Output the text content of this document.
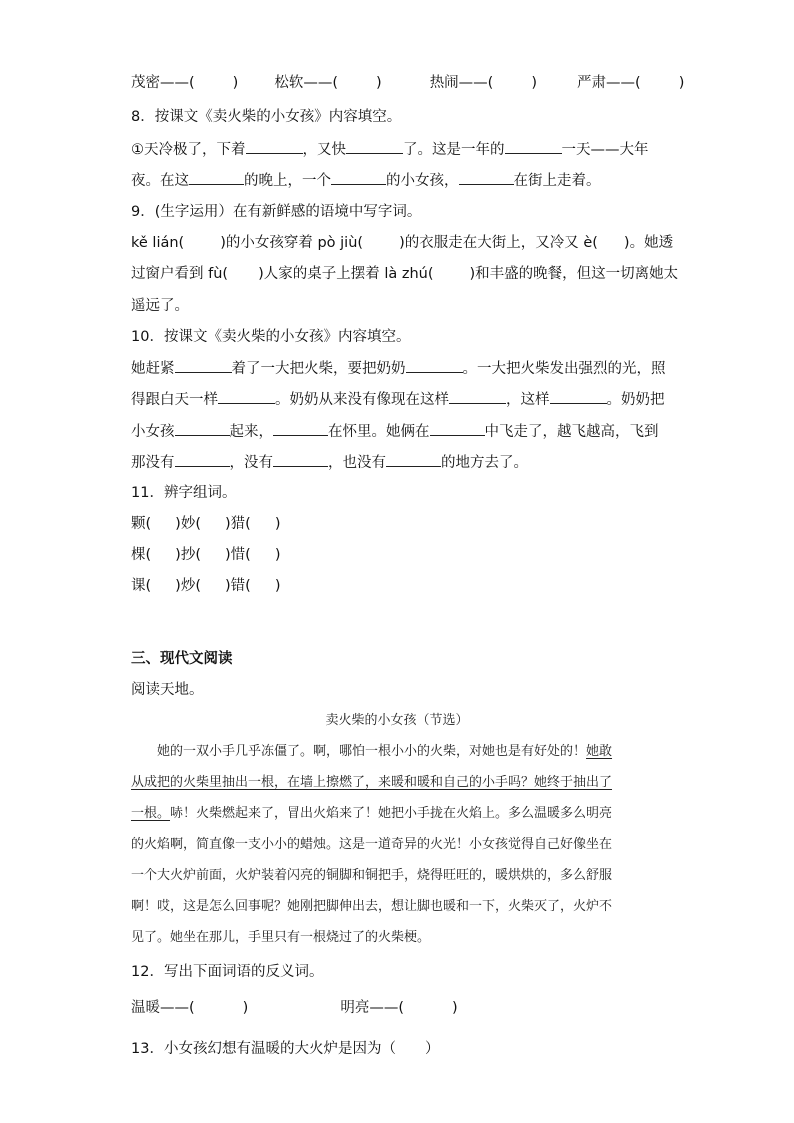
茂密——(	) 松软——(	)	热闹——(	)	严肃——(	)
8．按课文《卖火柴的小女孩》内容填空。
①天冷极了，下着	，又快	了。这是一年的	一天——大年
夜。在这	的晚上，一个	的小女孩，	在街上走着。
9．(生字运用）在有新鲜感的语境中写字词。
kě lián( )的小女孩穿着 pò jiù( )的衣服走在大街上，又冷又 è( )。她透
过窗户看到 fù( )人家的桌子上摆着 là zhú( )和丰盛的晚餐，但这一切离她太
遥远了。
10．按课文《卖火柴的小女孩》内容填空。
她赶紧	着了一大把火柴，要把奶奶	。一大把火柴发出强烈的光，照
得跟白天一样	。奶奶从来没有像现在这样	，这样	。奶奶把
小女孩	起来，	在怀里。她俩在	中飞走了，越飞越高，飞到
那没有	，没有	，也没有	的地方去了。
11．辨字组词。
颗( )妙( )猎( )
棵( )抄( )惜( )
课( )炒( )错( )
三、现代文阅读
阅读天地。
卖火柴的小女孩（节选）
她的一双小手几乎冻僵了。啊，哪怕一根小小的火柴，对她也是有好处的！她敢
从成把的火柴里抽出一根，在墙上擦燃了，来暖和暖和自己的小手吗？她终于抽出了
一根。哧！火柴燃起来了，冒出火焰来了！她把小手拢在火焰上。多么温暖多么明亮
的火焰啊，简直像一支小小的蜡烛。这是一道奇异的火光！小女孩觉得自己好像坐在
一个大火炉前面，火炉装着闪亮的铜脚和铜把手，烧得旺旺的，暖烘烘的，多么舒服
啊！哎，这是怎么回事呢？她刚把脚伸出去，想让脚也暖和一下，火柴灭了，火炉不
见了。她坐在那儿，手里只有一根烧过了的火柴梗。
12．写出下面词语的反义词。
温暖——(	)	明亮——(	)
13．小女孩幻想有温暖的大火炉是因为（　　）
